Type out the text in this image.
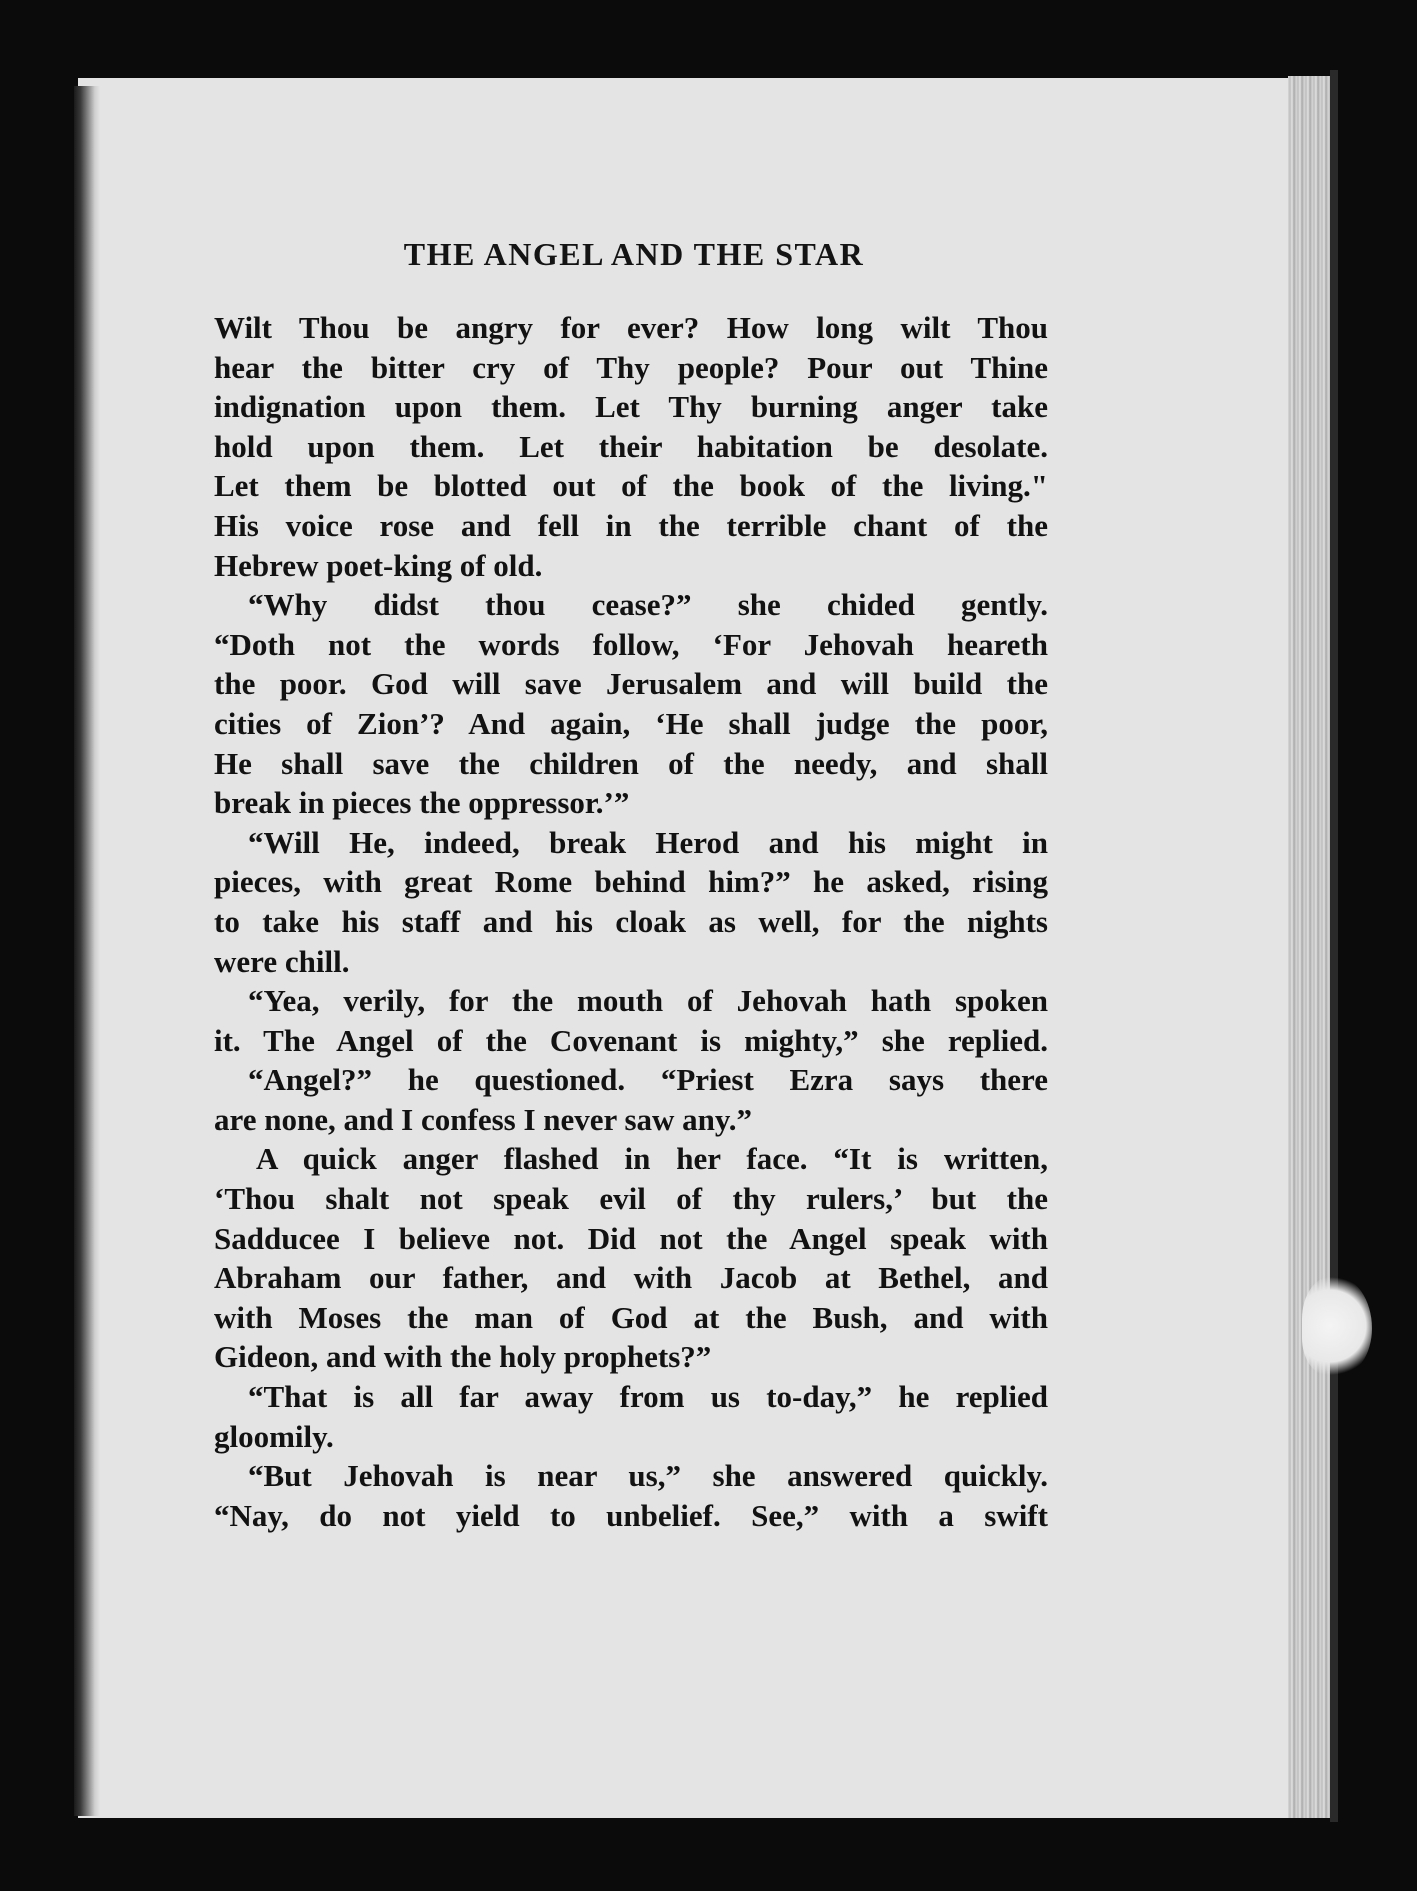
THE ANGEL AND THE STAR
Wilt Thou be angry for ever? How long wilt Thou
hear the bitter cry of Thy people? Pour out Thine
indignation upon them. Let Thy burning anger take
hold upon them. Let their habitation be desolate.
Let them be blotted out of the book of the living."
His voice rose and fell in the terrible chant of the
Hebrew poet-king of old.
“Why didst thou cease?” she chided gently.
“Doth not the words follow, ‘For Jehovah heareth
the poor. God will save Jerusalem and will build the
cities of Zion’? And again, ‘He shall judge the poor,
He shall save the children of the needy, and shall
break in pieces the oppressor.’”
“Will He, indeed, break Herod and his might in
pieces, with great Rome behind him?” he asked, rising
to take his staff and his cloak as well, for the nights
were chill.
“Yea, verily, for the mouth of Jehovah hath spoken
it. The Angel of the Covenant is mighty,” she replied.
“Angel?” he questioned. “Priest Ezra says there
are none, and I confess I never saw any.”
A quick anger flashed in her face. “It is written,
‘Thou shalt not speak evil of thy rulers,’ but the
Sadducee I believe not. Did not the Angel speak with
Abraham our father, and with Jacob at Bethel, and
with Moses the man of God at the Bush, and with
Gideon, and with the holy prophets?”
“That is all far away from us to-day,” he replied
gloomily.
“But Jehovah is near us,” she answered quickly.
“Nay, do not yield to unbelief. See,” with a swift
